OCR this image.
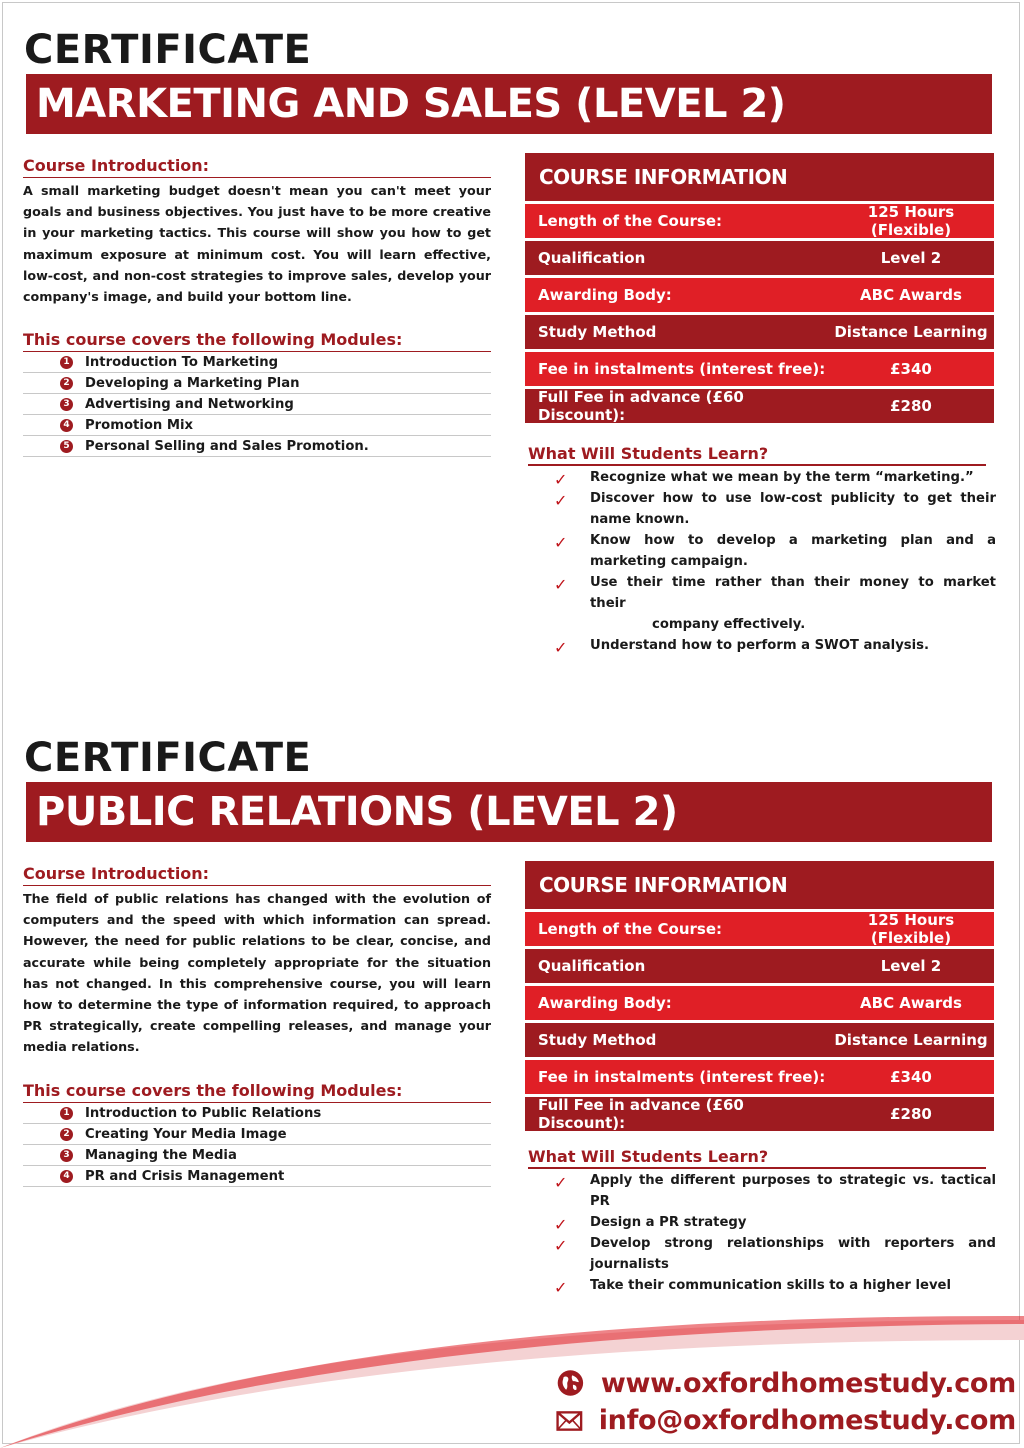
CERTIFICATE
MARKETING AND SALES (LEVEL 2)
Course Introduction:

A small marketing budget doesn't mean you can't meet your goals and business objectives. You just have to be more creative in your marketing tactics. This course will show you how to get maximum exposure at minimum cost. You will learn effective, low-cost, and non-cost strategies to improve sales, develop your company's image, and build your bottom line.

This course covers the following Modules:
1 Introduction To Marketing
2 Developing a Marketing Plan
3 Advertising and Networking
4 Promotion Mix
5 Personal Selling and Sales Promotion.
COURSE INFORMATION
Length of the Course:	125 Hours (Flexible)
Qualification	Level 2
Awarding Body:	ABC Awards
Study Method	Distance Learning
Fee in instalments (interest free):	£340
Full Fee in advance (£60 Discount):	£280
What Will Students Learn?
✓ Recognize what we mean by the term “marketing.”
✓ Discover how to use low-cost publicity to get their name known.
✓ Know how to develop a marketing plan and a marketing campaign.
✓ Use their time rather than their money to market their
company effectively.
✓ Understand how to perform a SWOT analysis.
CERTIFICATE
PUBLIC RELATIONS (LEVEL 2)
Course Introduction:

The field of public relations has changed with the evolution of computers and the speed with which information can spread. However, the need for public relations to be clear, concise, and accurate while being completely appropriate for the situation has not changed. In this comprehensive course, you will learn how to determine the type of information required, to approach PR strategically, create compelling releases, and manage your media relations.

This course covers the following Modules:
1 Introduction to Public Relations
2 Creating Your Media Image
3 Managing the Media
4 PR and Crisis Management
COURSE INFORMATION
Length of the Course:	125 Hours (Flexible)
Qualification	Level 2
Awarding Body:	ABC Awards
Study Method	Distance Learning
Fee in instalments (interest free):	£340
Full Fee in advance (£60 Discount):	£280
What Will Students Learn?
✓ Apply the different purposes to strategic vs. tactical PR
✓ Design a PR strategy
✓ Develop strong relationships with reporters and journalists
✓ Take their communication skills to a higher level
www.oxfordhomestudy.com
info@oxfordhomestudy.com
